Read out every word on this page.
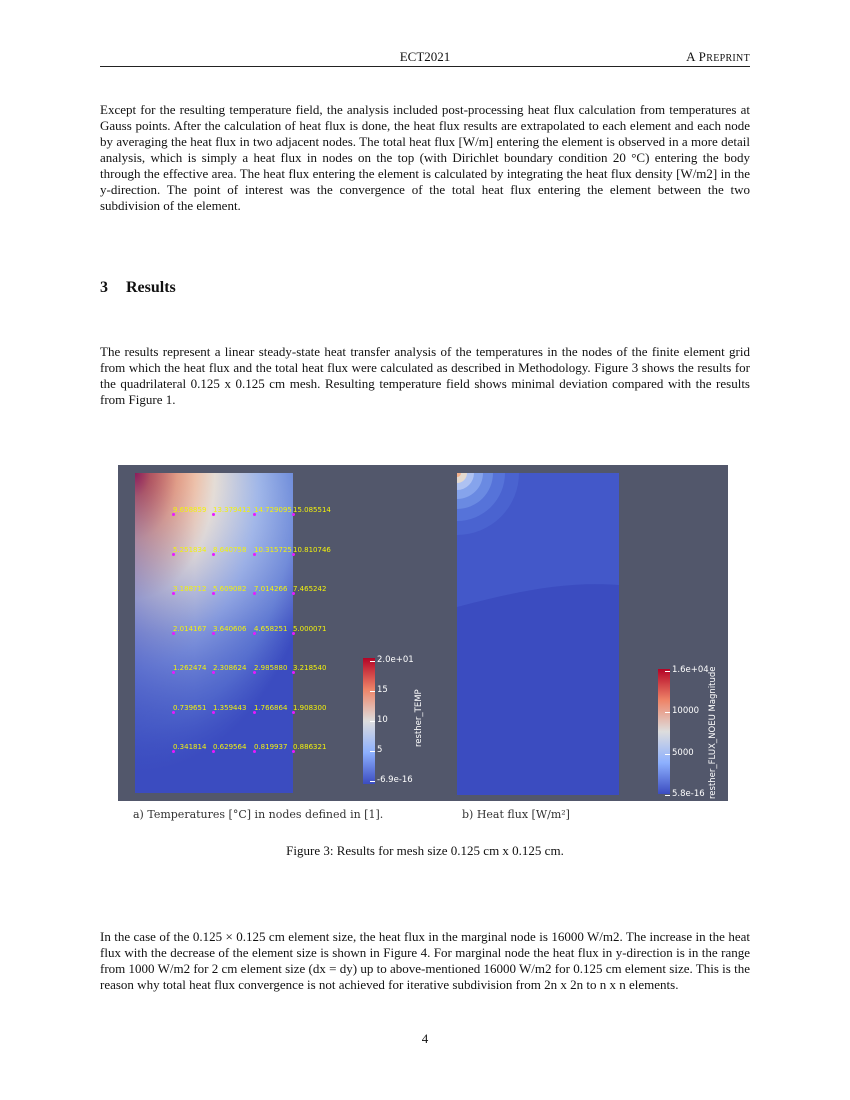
ECT2021	A PREPRINT

Except for the resulting temperature field, the analysis included post-processing heat flux calculation from temperatures at Gauss points. After the calculation of heat flux is done, the heat flux results are extrapolated to each element and each node by averaging the heat flux in two adjacent nodes. The total heat flux [W/m] entering the element is observed in a more detail analysis, which is simply a heat flux in nodes on the top (with Dirichlet boundary condition 20 °C) entering the body through the effective area. The heat flux entering the element is calculated by integrating the heat flux density [W/m2] in the y-direction. The point of interest was the convergence of the total heat flux entering the element between the two subdivision of the element.

3 Results

The results represent a linear steady-state heat transfer analysis of the temperatures in the nodes of the finite element grid from which the heat flux and the total heat flux were calculated as described in Methodology. Figure 3 shows the results for the quadrilateral 0.125 x 0.125 cm mesh. Resulting temperature field shows minimal deviation compared with the results from Figure 1.

9.658859 13.379412 14.729095 15.085514
5.251834 8.640758 10.315725 10.810746
3.188712 5.609082 7.014266 7.465242
2.014167 3.640606 4.658251 5.000071
1.262474 2.308624 2.985880 3.218540
0.739651 1.359443 1.766864 1.908300
0.341814 0.629564 0.819937 0.886321
2.0e+01
15
10
5
-6.9e-16
resther_TEMP
1.6e+04
10000
5000
5.8e-16 resther_FLUX_NOEU Magnitude
a) Temperatures [°C] in nodes defined in [1].	b) Heat flux [W/m²]
Figure 3: Results for mesh size 0.125 cm x 0.125 cm.

In the case of the 0.125 × 0.125 cm element size, the heat flux in the marginal node is 16000 W/m2. The increase in the heat flux with the decrease of the element size is shown in Figure 4. For marginal node the heat flux in y-direction is in the range from 1000 W/m2 for 2 cm element size (dx = dy) up to above-mentioned 16000 W/m2 for 0.125 cm element size. This is the reason why total heat flux convergence is not achieved for iterative subdivision from 2n x 2n to n x n elements.

4
